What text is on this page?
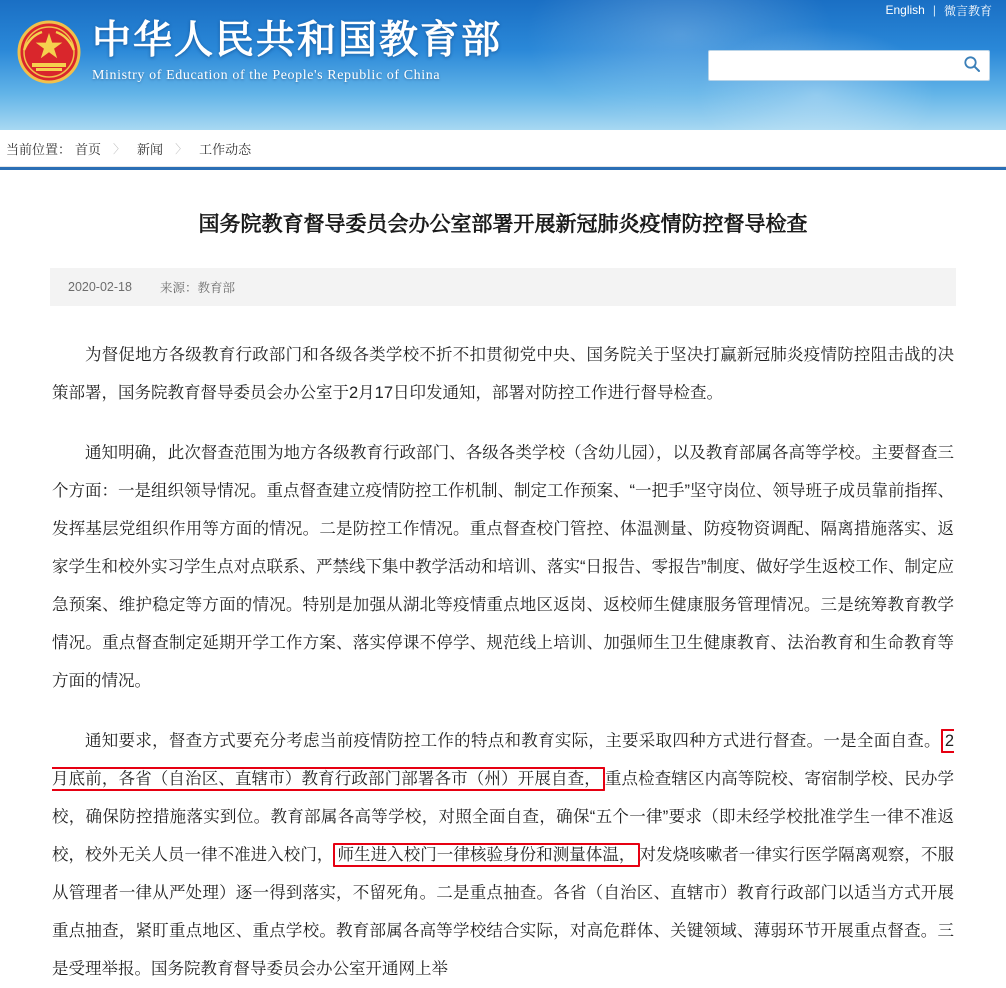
English | 微言教育
中华人民共和国教育部
Ministry of Education of the People's Republic of China
当前位置： 首页 〉 新闻 〉 工作动态
国务院教育督导委员会办公室部署开展新冠肺炎疫情防控督导检查
2020-02-18 来源：教育部

为督促地方各级教育行政部门和各级各类学校不折不扣贯彻党中央、国务院关于坚决打赢新冠肺炎疫情防控阻击战的决策部署，国务院教育督导委员会办公室于2月17日印发通知，部署对防控工作进行督导检查。

通知明确，此次督查范围为地方各级教育行政部门、各级各类学校（含幼儿园），以及教育部属各高等学校。主要督查三个方面：一是组织领导情况。重点督查建立疫情防控工作机制、制定工作预案、“一把手”坚守岗位、领导班子成员靠前指挥、发挥基层党组织作用等方面的情况。二是防控工作情况。重点督查校门管控、体温测量、防疫物资调配、隔离措施落实、返家学生和校外实习学生点对点联系、严禁线下集中教学活动和培训、落实“日报告、零报告”制度、做好学生返校工作、制定应急预案、维护稳定等方面的情况。特别是加强从湖北等疫情重点地区返岗、返校师生健康服务管理情况。三是统筹教育教学情况。重点督查制定延期开学工作方案、落实停课不停学、规范线上培训、加强师生卫生健康教育、法治教育和生命教育等方面的情况。

通知要求，督查方式要充分考虑当前疫情防控工作的特点和教育实际，主要采取四种方式进行督查。一是全面自查。 2月底前，各省（自治区、直辖市）教育行政部门部署各市（州）开展自查， 重点检查辖区内高等院校、寄宿制学校、民办学校，确保防控措施落实到位。教育部属各高等学校，对照全面自查，确保“五个一律”要求（即未经学校批准学生一律不准返校，校外无关人员一律不准进入校门， 师生进入校门一律核验身份和测量体温， 对发烧咳嗽者一律实行医学隔离观察，不服从管理者一律从严处理）逐一得到落实，不留死角。二是重点抽查。各省（自治区、直辖市）教育行政部门以适当方式开展重点抽查，紧盯重点地区、重点学校。教育部属各高等学校结合实际，对高危群体、关键领域、薄弱环节开展重点督查。三是受理举报。国务院教育督导委员会办公室开通网上举
